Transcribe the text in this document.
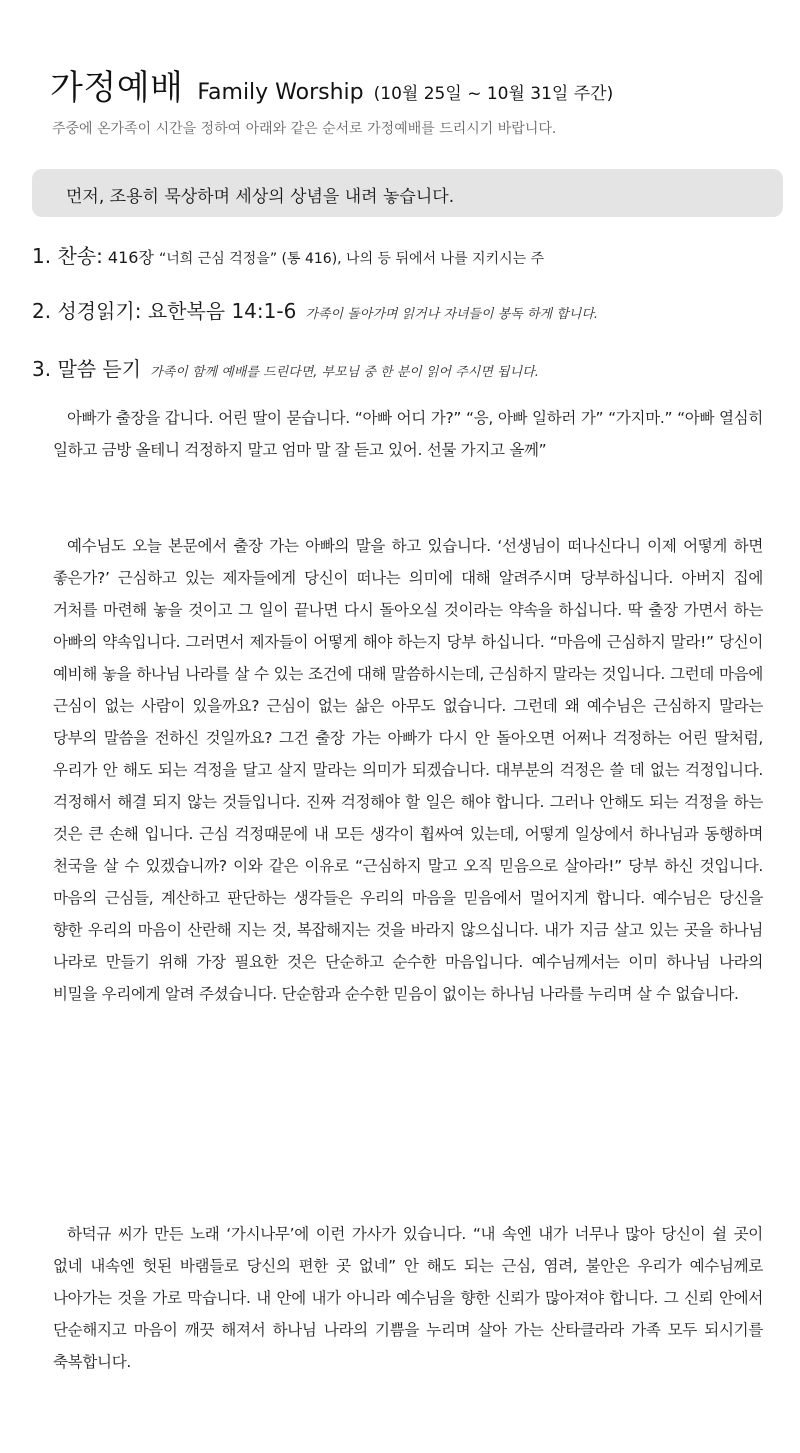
가정예배 Family Worship (10월 25일 ~ 10월 31일 주간)
주중에 온가족이 시간을 정하여 아래와 같은 순서로 가정예배를 드리시기 바랍니다.
먼저, 조용히 묵상하며 세상의 상념을 내려 놓습니다.
1. 찬송: 416장 “너희 근심 걱정을” (통 416), 나의 등 뒤에서 나를 지키시는 주
2. 성경읽기: 요한복음 14:1-6 가족이 돌아가며 읽거나 자녀들이 봉독 하게 합니다.
3. 말씀 듣기 가족이 함께 예배를 드린다면, 부모님 중 한 분이 읽어 주시면 됩니다.

아빠가 출장을 갑니다. 어린 딸이 묻습니다. “아빠 어디 가?” “응, 아빠 일하러 가” “가지마.” “아빠 열심히 일하고 금방 올테니 걱정하지 말고 엄마 말 잘 듣고 있어. 선물 가지고 올께”

예수님도 오늘 본문에서 출장 가는 아빠의 말을 하고 있습니다. ‘선생님이 떠나신다니 이제 어떻게 하면 좋은가?’ 근심하고 있는 제자들에게 당신이 떠나는 의미에 대해 알려주시며 당부하십니다. 아버지 집에 거처를 마련해 놓을 것이고 그 일이 끝나면 다시 돌아오실 것이라는 약속을 하십니다. 딱 출장 가면서 하는 아빠의 약속입니다. 그러면서 제자들이 어떻게 해야 하는지 당부 하십니다. “마음에 근심하지 말라!” 당신이 예비해 놓을 하나님 나라를 살 수 있는 조건에 대해 말씀하시는데, 근심하지 말라는 것입니다. 그런데 마음에 근심이 없는 사람이 있을까요? 근심이 없는 삶은 아무도 없습니다. 그런데 왜 예수님은 근심하지 말라는 당부의 말씀을 전하신 것일까요? 그건 출장 가는 아빠가 다시 안 돌아오면 어쩌나 걱정하는 어린 딸처럼, 우리가 안 해도 되는 걱정을 달고 살지 말라는 의미가 되겠습니다. 대부분의 걱정은 쓸 데 없는 걱정입니다. 걱정해서 해결 되지 않는 것들입니다. 진짜 걱정해야 할 일은 해야 합니다. 그러나 안해도 되는 걱정을 하는 것은 큰 손해 입니다. 근심 걱정때문에 내 모든 생각이 휩싸여 있는데, 어떻게 일상에서 하나님과 동행하며 천국을 살 수 있겠습니까? 이와 같은 이유로 “근심하지 말고 오직 믿음으로 살아라!” 당부 하신 것입니다. 마음의 근심들, 계산하고 판단하는 생각들은 우리의 마음을 믿음에서 멀어지게 합니다. 예수님은 당신을 향한 우리의 마음이 산란해 지는 것, 복잡해지는 것을 바라지 않으십니다. 내가 지금 살고 있는 곳을 하나님 나라로 만들기 위해 가장 필요한 것은 단순하고 순수한 마음입니다. 예수님께서는 이미 하나님 나라의 비밀을 우리에게 알려 주셨습니다. 단순함과 순수한 믿음이 없이는 하나님 나라를 누리며 살 수 없습니다.

하덕규 씨가 만든 노래 ‘가시나무’에 이런 가사가 있습니다. “내 속엔 내가 너무나 많아 당신이 쉴 곳이 없네 내속엔 헛된 바램들로 당신의 편한 곳 없네” 안 해도 되는 근심, 염려, 불안은 우리가 예수님께로 나아가는 것을 가로 막습니다. 내 안에 내가 아니라 예수님을 향한 신뢰가 많아져야 합니다. 그 신뢰 안에서 단순해지고 마음이 깨끗 해져서 하나님 나라의 기쁨을 누리며 살아 가는 산타클라라 가족 모두 되시기를 축복합니다.
